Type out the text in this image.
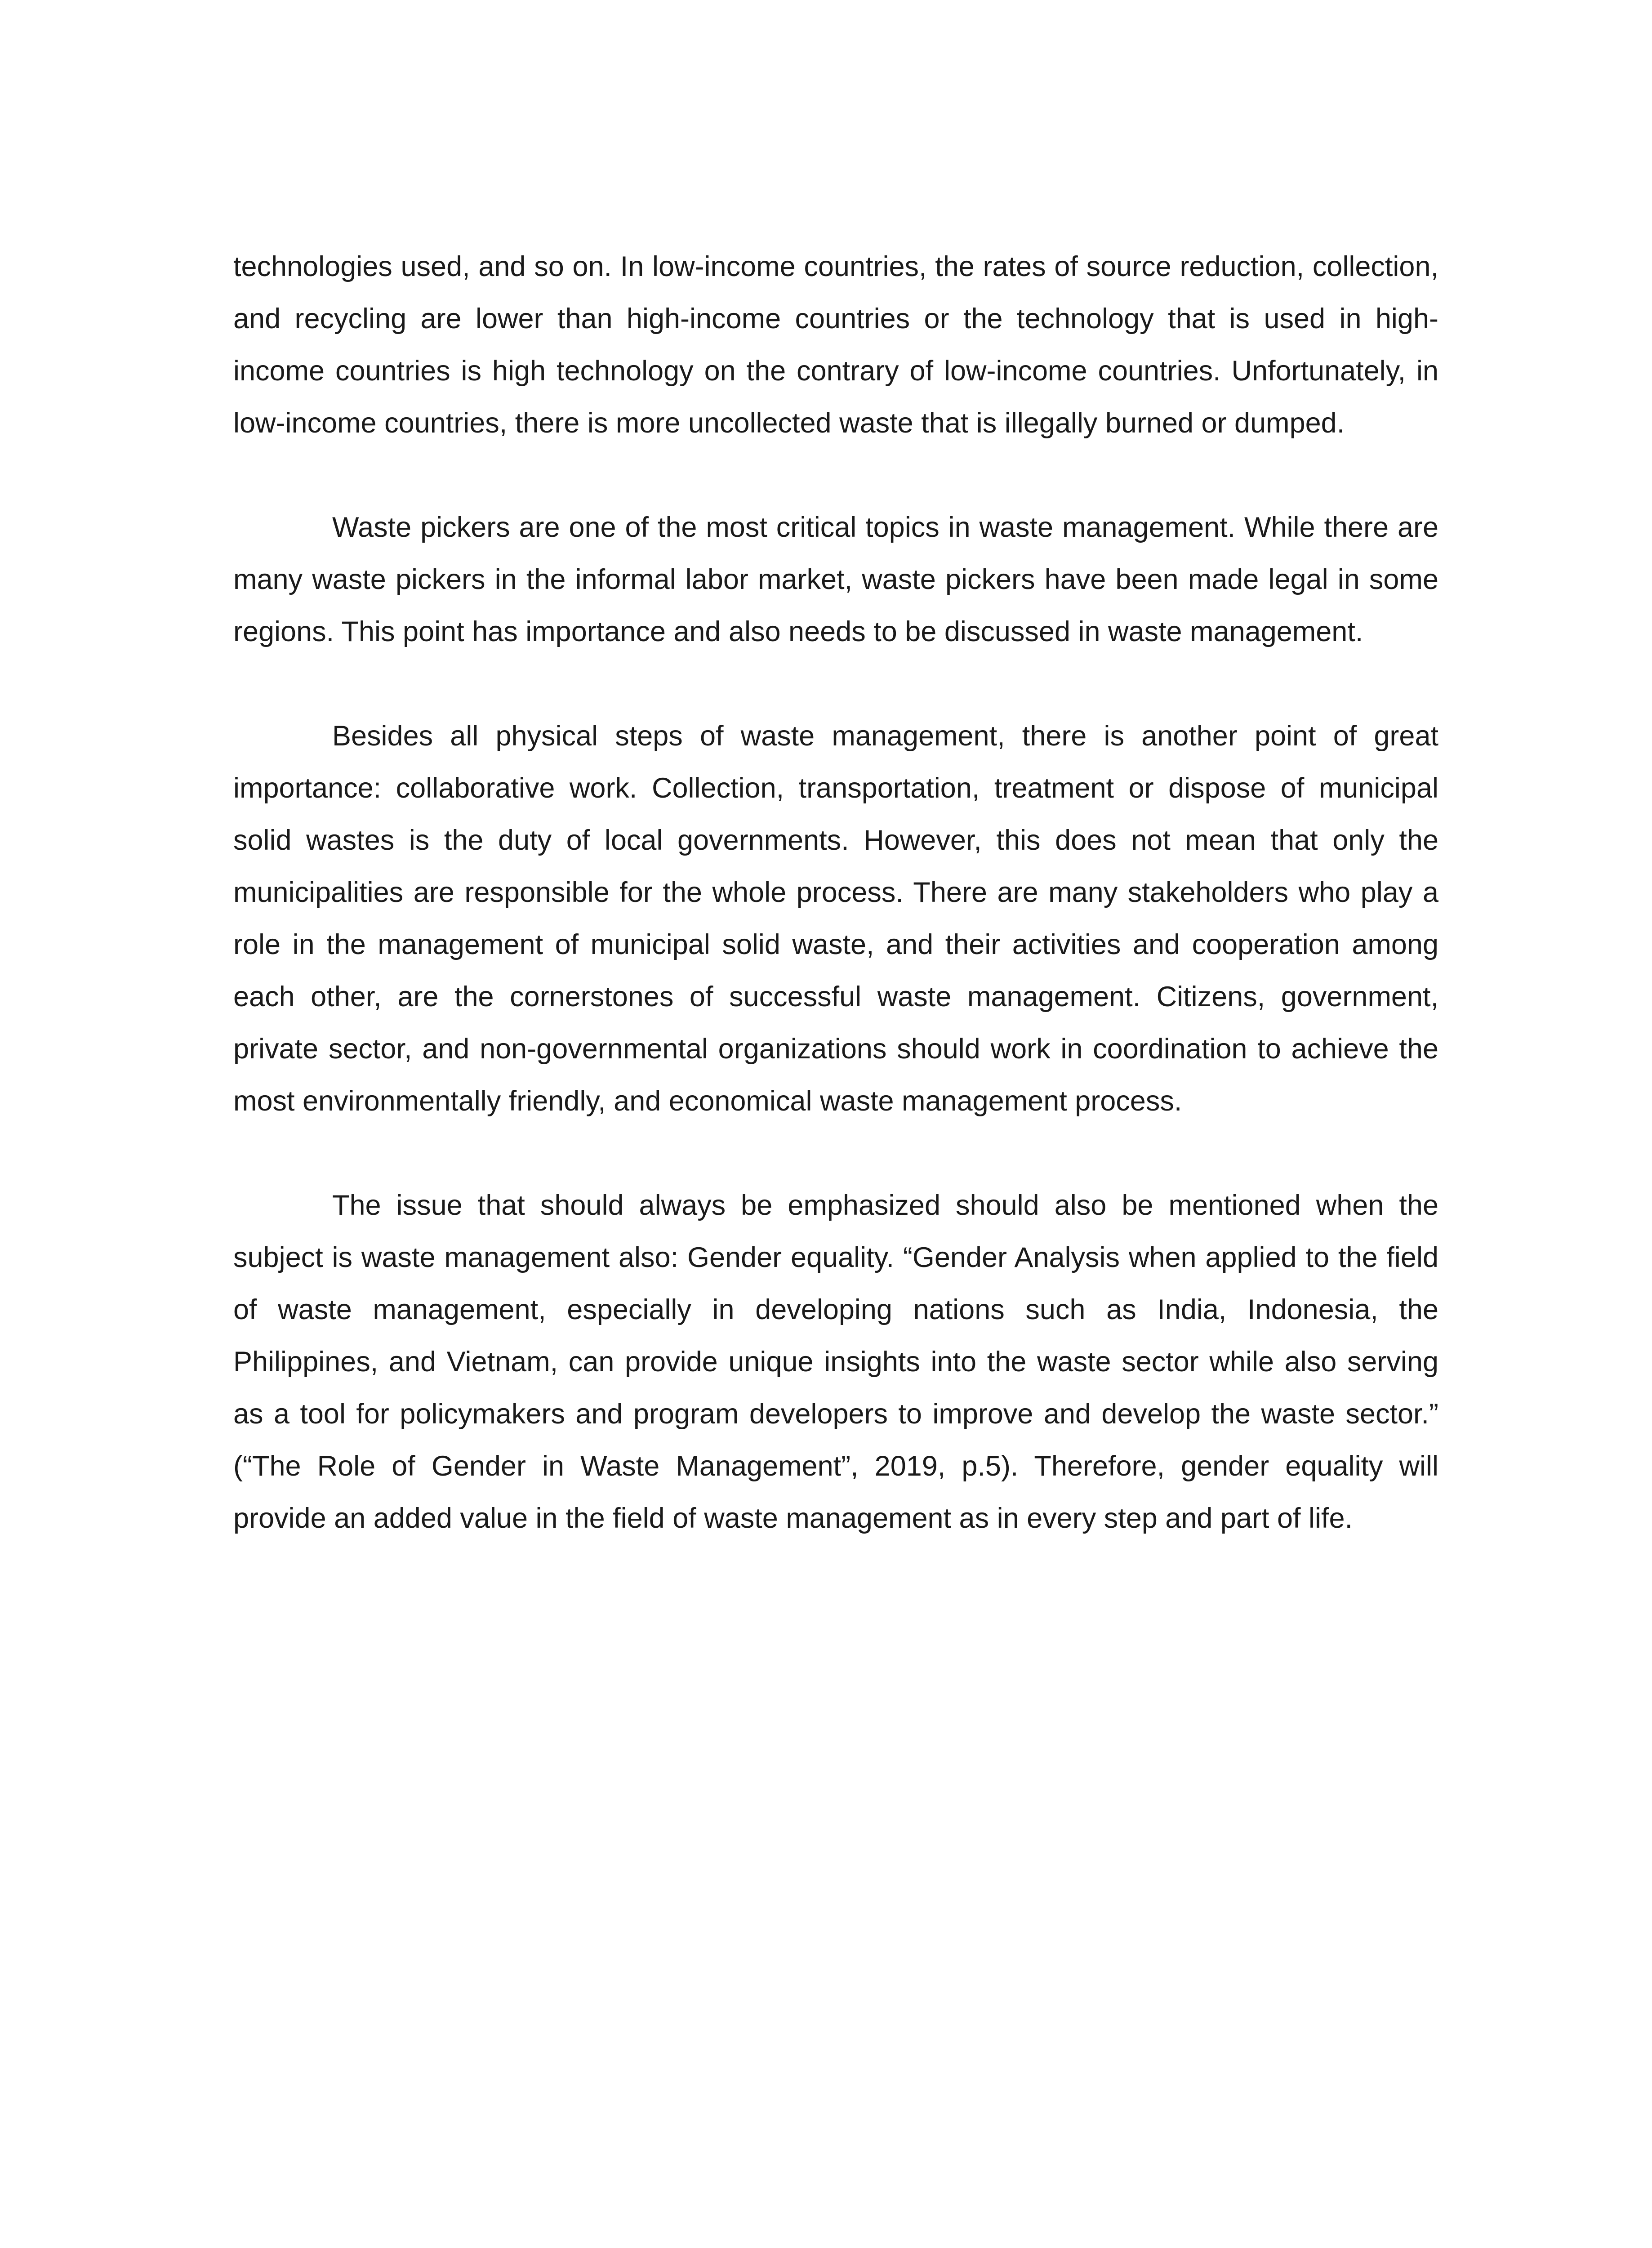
technologies used, and so on. In low-income countries, the rates of source reduction, collection, and recycling are lower than high-income countries or the technology that is used in high-income countries is high technology on the contrary of low-income countries. Unfortunately, in low-income countries, there is more uncollected waste that is illegally burned or dumped.

Waste pickers are one of the most critical topics in waste management. While there are many waste pickers in the informal labor market, waste pickers have been made legal in some regions. This point has importance and also needs to be discussed in waste management.

Besides all physical steps of waste management, there is another point of great importance: collaborative work. Collection, transportation, treatment or dispose of municipal solid wastes is the duty of local governments. However, this does not mean that only the municipalities are responsible for the whole process. There are many stakeholders who play a role in the management of municipal solid waste, and their activities and cooperation among each other, are the cornerstones of successful waste management. Citizens, government, private sector, and non-governmental organizations should work in coordination to achieve the most environmentally friendly, and economical waste management process.

The issue that should always be emphasized should also be mentioned when the subject is waste management also: Gender equality. “Gender Analysis when applied to the field of waste management, especially in developing nations such as India, Indonesia, the Philippines, and Vietnam, can provide unique insights into the waste sector while also serving as a tool for policymakers and program developers to improve and develop the waste sector.” (“The Role of Gender in Waste Management”, 2019, p.5). Therefore, gender equality will provide an added value in the field of waste management as in every step and part of life.
